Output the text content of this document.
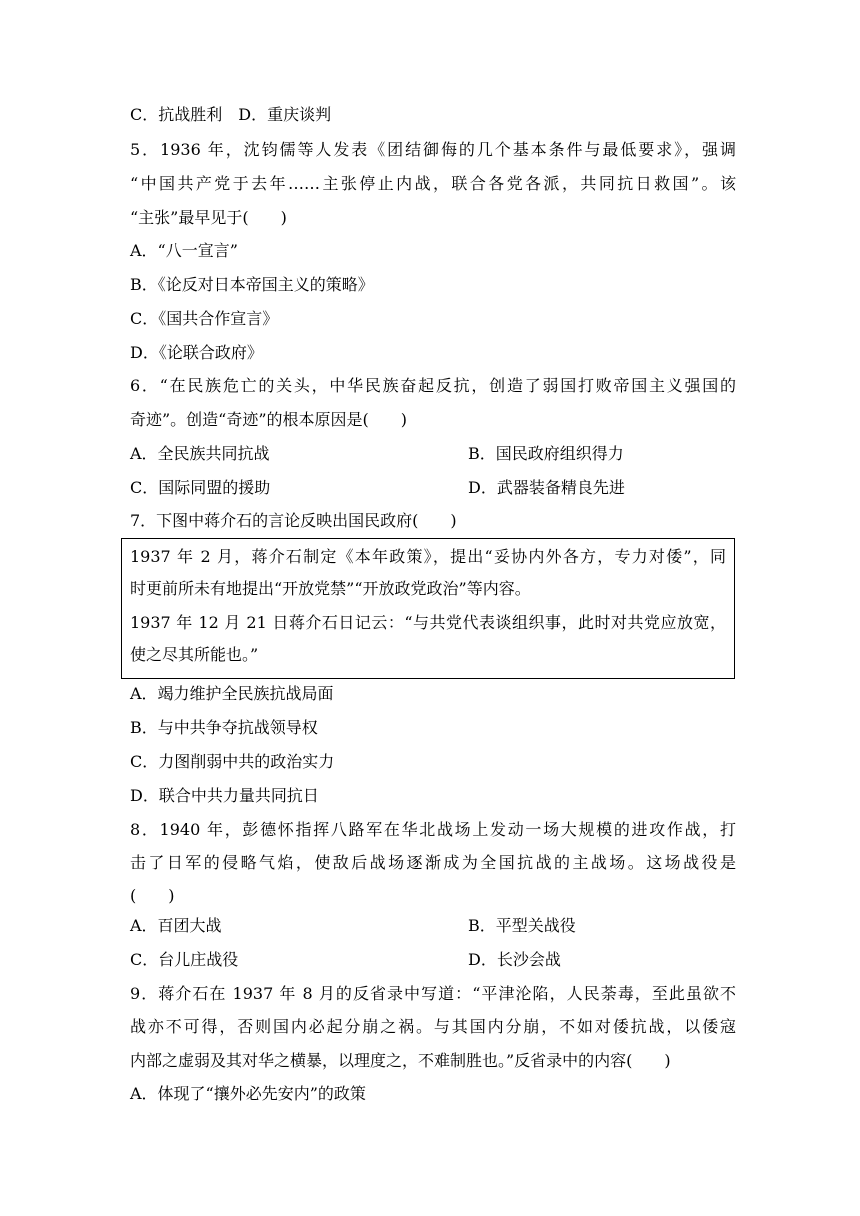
C．抗战胜利　D．重庆谈判
5．1936 年，沈钧儒等人发表《团结御侮的几个基本条件与最低要求》，强调
“中国共产党于去年……主张停止内战，联合各党各派，共同抗日救国”。该
“主张”最早见于(　　)
A．“八一宣言”
B．《论反对日本帝国主义的策略》
C．《国共合作宣言》
D．《论联合政府》
6．“在民族危亡的关头，中华民族奋起反抗，创造了弱国打败帝国主义强国的
奇迹”。创造“奇迹”的根本原因是(　　)
A．全民族共同抗战	B．国民政府组织得力
C．国际同盟的援助	D．武器装备精良先进
7．下图中蒋介石的言论反映出国民政府(　　)
1937 年 2 月，蒋介石制定《本年政策》，提出“妥协内外各方，专力对倭”，同
时更前所未有地提出“开放党禁”“开放政党政治”等内容。
1937 年 12 月 21 日蒋介石日记云：“与共党代表谈组织事，此时对共党应放宽，
使之尽其所能也。”
A．竭力维护全民族抗战局面
B．与中共争夺抗战领导权
C．力图削弱中共的政治实力
D．联合中共力量共同抗日
8．1940 年，彭德怀指挥八路军在华北战场上发动一场大规模的进攻作战，打
击了日军的侵略气焰，使敌后战场逐渐成为全国抗战的主战场。这场战役是
(　　)
A．百团大战	B．平型关战役
C．台儿庄战役	D．长沙会战
9．蒋介石在 1937 年 8 月的反省录中写道：“平津沦陷，人民荼毒，至此虽欲不
战亦不可得，否则国内必起分崩之祸。与其国内分崩，不如对倭抗战，以倭寇
内部之虚弱及其对华之横暴，以理度之，不难制胜也。”反省录中的内容(　　)
A．体现了“攘外必先安内”的政策
